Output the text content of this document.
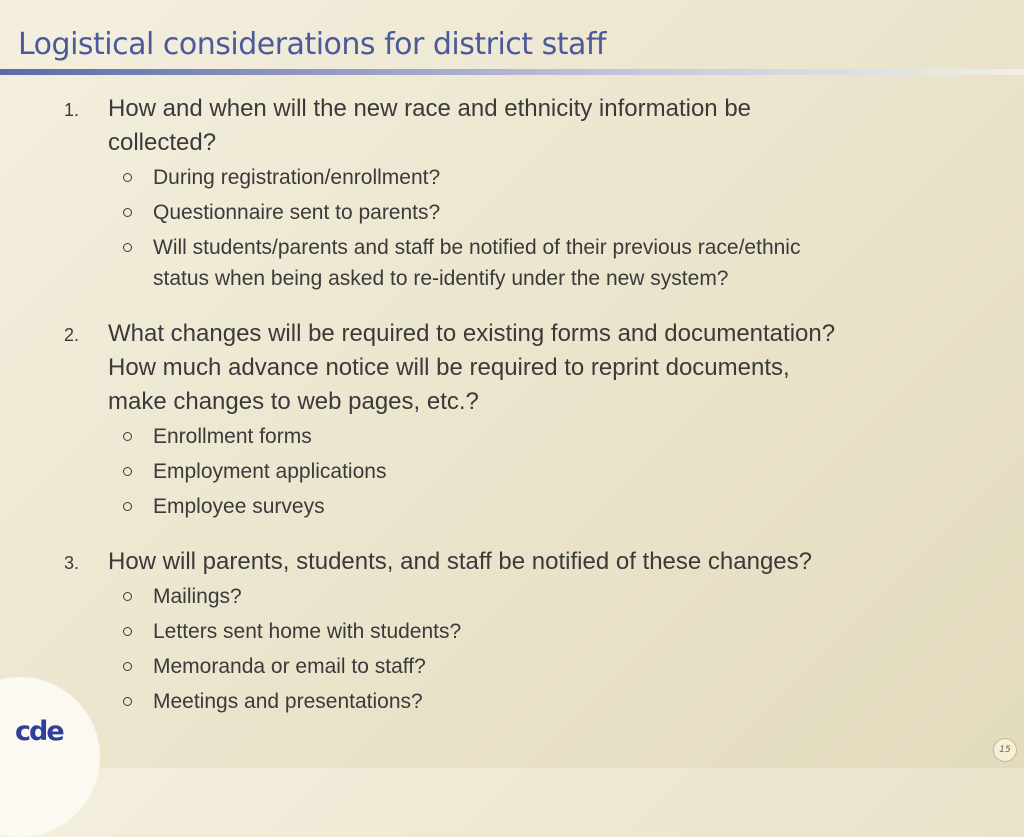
Logistical considerations for district staff
1. How and when will the new race and ethnicity information be
collected?
During registration/enrollment?
Questionnaire sent to parents?
Will students/parents and staff be notified of their previous race/ethnic
status when being asked to re-identify under the new system?
2. What changes will be required to existing forms and documentation?
How much advance notice will be required to reprint documents,
make changes to web pages, etc.?
Enrollment forms
Employment applications
Employee surveys
3. How will parents, students, and staff be notified of these changes?
Mailings?
Letters sent home with students?
Memoranda or email to staff?
Meetings and presentations?
cde
15
